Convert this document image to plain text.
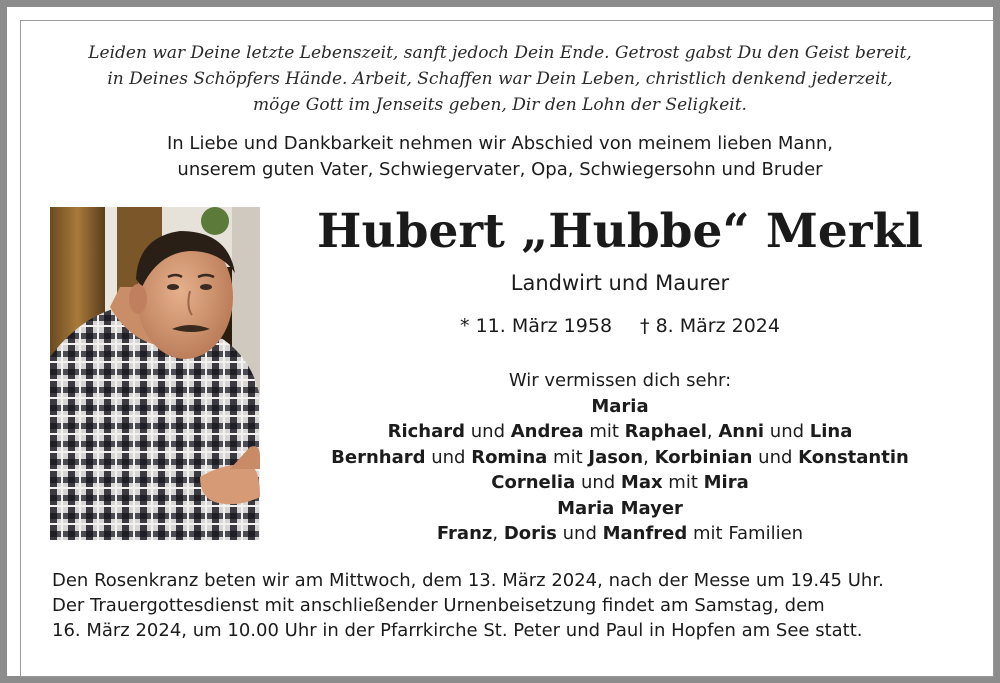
Leiden war Deine letzte Lebenszeit, sanft jedoch Dein Ende. Getrost gabst Du den Geist bereit,
in Deines Schöpfers Hände. Arbeit, Schaffen war Dein Leben, christlich denkend jederzeit,
möge Gott im Jenseits geben, Dir den Lohn der Seligkeit.
In Liebe und Dankbarkeit nehmen wir Abschied von meinem lieben Mann,
unserem guten Vater, Schwiegervater, Opa, Schwiegersohn und Bruder
Hubert „Hubbe“ Merkl
Landwirt und Maurer
* 11. März 1958 † 8. März 2024
Wir vermissen dich sehr:
Maria
Richard und Andrea mit Raphael, Anni und Lina
Bernhard und Romina mit Jason, Korbinian und Konstantin
Cornelia und Max mit Mira
Maria Mayer
Franz, Doris und Manfred mit Familien
Den Rosenkranz beten wir am Mittwoch, dem 13. März 2024, nach der Messe um 19.45 Uhr.
Der Trauergottesdienst mit anschließender Urnenbeisetzung findet am Samstag, dem
16. März 2024, um 10.00 Uhr in der Pfarrkirche St. Peter und Paul in Hopfen am See statt.
